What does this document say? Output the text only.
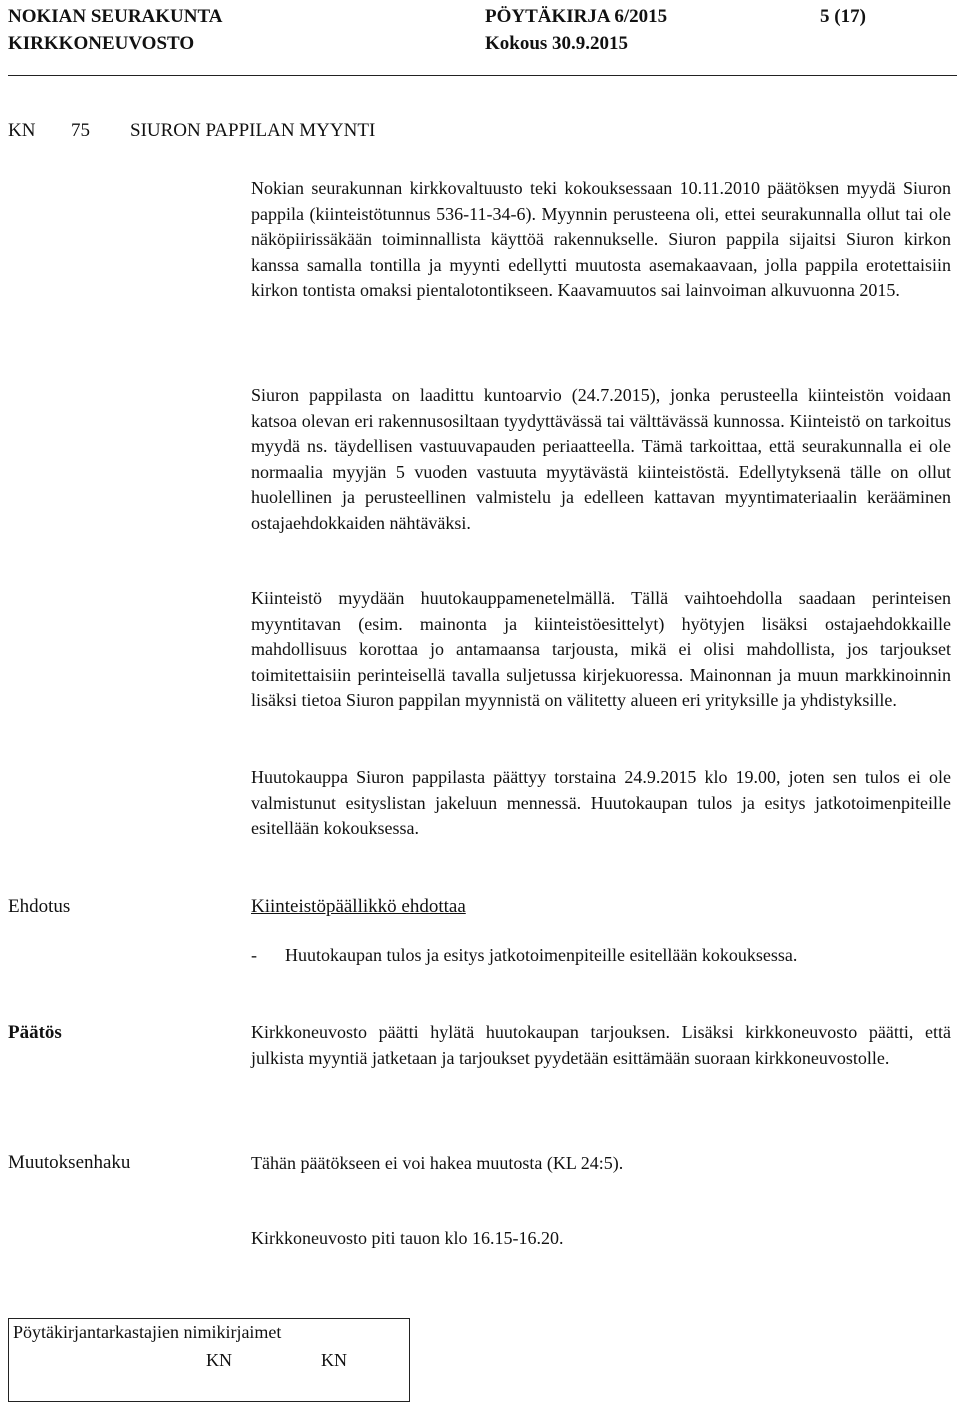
NOKIAN SEURAKUNTA	PÖYTÄKIRJA 6/2015	5 (17)
KIRKKONEUVOSTO	Kokous 30.9.2015
KN 75 SIURON PAPPILAN MYYNTI
Nokian seurakunnan kirkkovaltuusto teki kokouksessaan 10.11.2010 päätöksen myydä Siuron pappila (kiinteistötunnus 536-11-34-6). Myynnin perusteena oli, ettei seurakunnalla ollut tai ole näköpiirissäkään toiminnallista käyttöä rakennukselle. Siuron pappila sijaitsi Siuron kirkon kanssa samalla tontilla ja myynti edellytti muutosta asemakaavaan, jolla pappila erotettaisiin kirkon tontista omaksi pientalotontikseen. Kaavamuutos sai lainvoiman alkuvuonna 2015.
Siuron pappilasta on laadittu kuntoarvio (24.7.2015), jonka perusteella kiinteistön voidaan katsoa olevan eri rakennusosiltaan tyydyttävässä tai välttävässä kunnossa. Kiinteistö on tarkoitus myydä ns. täydellisen vastuuvapauden periaatteella. Tämä tarkoittaa, että seurakunnalla ei ole normaalia myyjän 5 vuoden vastuuta myytävästä kiinteistöstä. Edellytyksenä tälle on ollut huolellinen ja perusteellinen valmistelu ja edelleen kattavan myyntimateriaalin kerääminen ostajaehdokkaiden nähtäväksi.
Kiinteistö myydään huutokauppamenetelmällä. Tällä vaihtoehdolla saadaan perinteisen myyntitavan (esim. mainonta ja kiinteistöesittelyt) hyötyjen lisäksi ostajaehdokkaille mahdollisuus korottaa jo antamaansa tarjousta, mikä ei olisi mahdollista, jos tarjoukset toimitettaisiin perinteisellä tavalla suljetussa kirjekuoressa. Mainonnan ja muun markkinoinnin lisäksi tietoa Siuron pappilan myynnistä on välitetty alueen eri yrityksille ja yhdistyksille.
Huutokauppa Siuron pappilasta päättyy torstaina 24.9.2015 klo 19.00, joten sen tulos ei ole valmistunut esityslistan jakeluun mennessä. Huutokaupan tulos ja esitys jatkotoimenpiteille esitellään kokouksessa.
Ehdotus	Kiinteistöpäällikkö ehdottaa
- Huutokaupan tulos ja esitys jatkotoimenpiteille esitellään kokouksessa.
Päätös	Kirkkoneuvosto päätti hylätä huutokaupan tarjouksen. Lisäksi kirkkoneuvosto päätti, että julkista myyntiä jatketaan ja tarjoukset pyydetään esittämään suoraan kirkkoneuvostolle.
Muutoksenhaku	Tähän päätökseen ei voi hakea muutosta (KL 24:5).
Kirkkoneuvosto piti tauon klo 16.15-16.20.
Pöytäkirjantarkastajien nimikirjaimet
KN	KN
